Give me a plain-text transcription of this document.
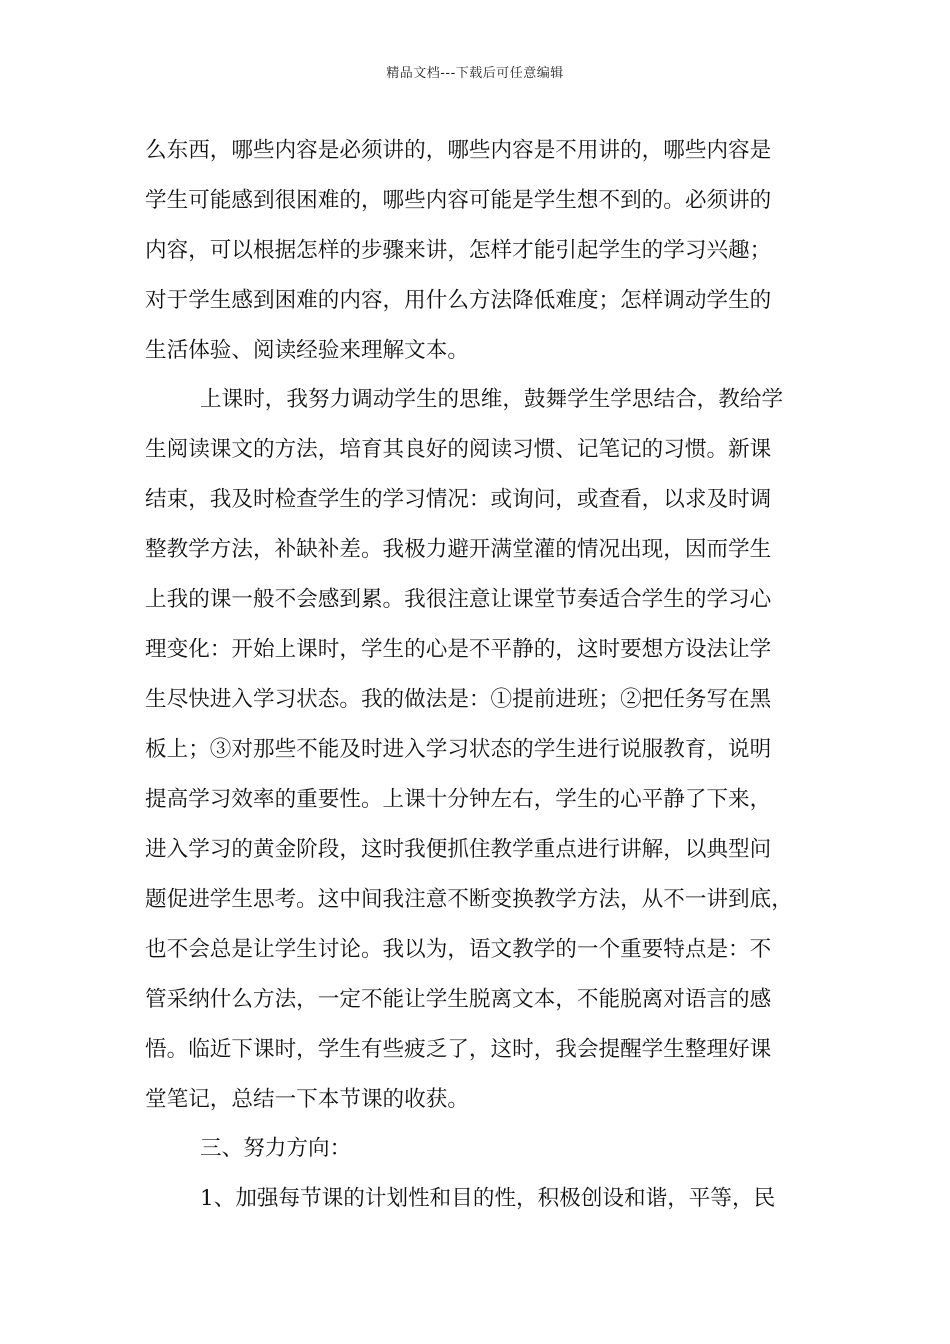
精品文档---下载后可任意编辑
么东西，哪些内容是必须讲的，哪些内容是不用讲的，哪些内容是
学生可能感到很困难的，哪些内容可能是学生想不到的。必须讲的
内容，可以根据怎样的步骤来讲，怎样才能引起学生的学习兴趣；
对于学生感到困难的内容，用什么方法降低难度；怎样调动学生的
生活体验、阅读经验来理解文本。
上课时，我努力调动学生的思维，鼓舞学生学思结合，教给学
生阅读课文的方法，培育其良好的阅读习惯、记笔记的习惯。新课
结束，我及时检查学生的学习情况：或询问，或查看，以求及时调
整教学方法，补缺补差。我极力避开满堂灌的情况出现，因而学生
上我的课一般不会感到累。我很注意让课堂节奏适合学生的学习心
理变化：开始上课时，学生的心是不平静的，这时要想方设法让学
生尽快进入学习状态。我的做法是：①提前进班；②把任务写在黑
板上；③对那些不能及时进入学习状态的学生进行说服教育，说明
提高学习效率的重要性。上课十分钟左右，学生的心平静了下来，
进入学习的黄金阶段，这时我便抓住教学重点进行讲解，以典型问
题促进学生思考。这中间我注意不断变换教学方法，从不一讲到底，
也不会总是让学生讨论。我以为，语文教学的一个重要特点是：不
管采纳什么方法，一定不能让学生脱离文本，不能脱离对语言的感
悟。临近下课时，学生有些疲乏了，这时，我会提醒学生整理好课
堂笔记，总结一下本节课的收获。
三、努力方向：
1、加强每节课的计划性和目的性，积极创设和谐，平等，民
